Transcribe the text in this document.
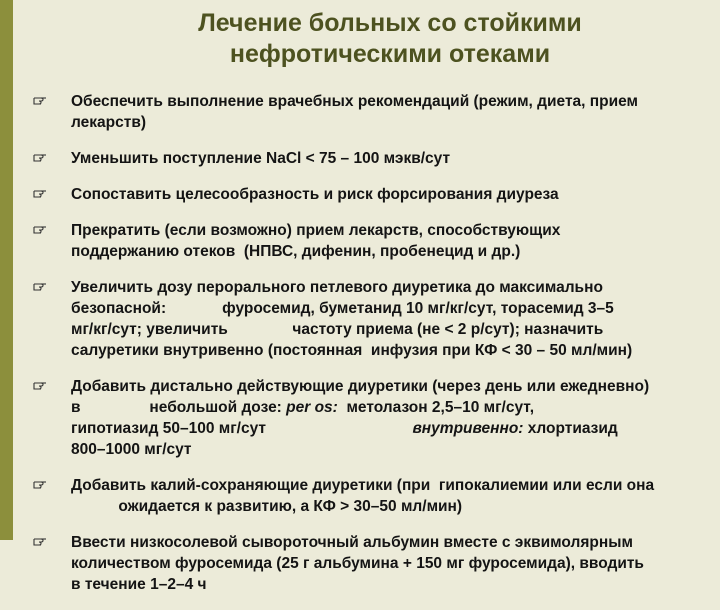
Лечение больных со стойкими
нефротическими отеками
Обеспечить выполнение врачебных рекомендаций (режим, диета, прием
лекарств)
Уменьшить поступление NaCl < 75 – 100 мэкв/сут
Сопоставить целесообразность и риск форсирования диуреза
Прекратить (если возможно) прием лекарств, способствующих
поддержанию отеков  (НПВС, дифенин, пробенецид и др.)
Увеличить дозу перорального петлевого диуретика до максимально
безопасной:             фуросемид, буметанид 10 мг/кг/сут, торасемид 3–5
мг/кг/сут; увеличить               частоту приема (не < 2 р/сут); назначить
салуретики внутривенно (постоянная  инфузия при КФ < 30 – 50 мл/мин)
Добавить дистально действующие диуретики (через день или ежедневно)
в                небольшой дозе: per os:  метолазон 2,5–10 мг/сут,
гипотиазид 50–100 мг/сут                                  внутривенно: хлортиазид
800–1000 мг/сут
Добавить калий-сохраняющие диуретики (при  гипокалиемии или если она
ожидается к развитию, а КФ > 30–50 мл/мин)
Ввести низкосолевой сывороточный альбумин вместе с эквимолярным
количеством фуросемида (25 г альбумина + 150 мг фуросемида), вводить
в течение 1–2–4 ч
